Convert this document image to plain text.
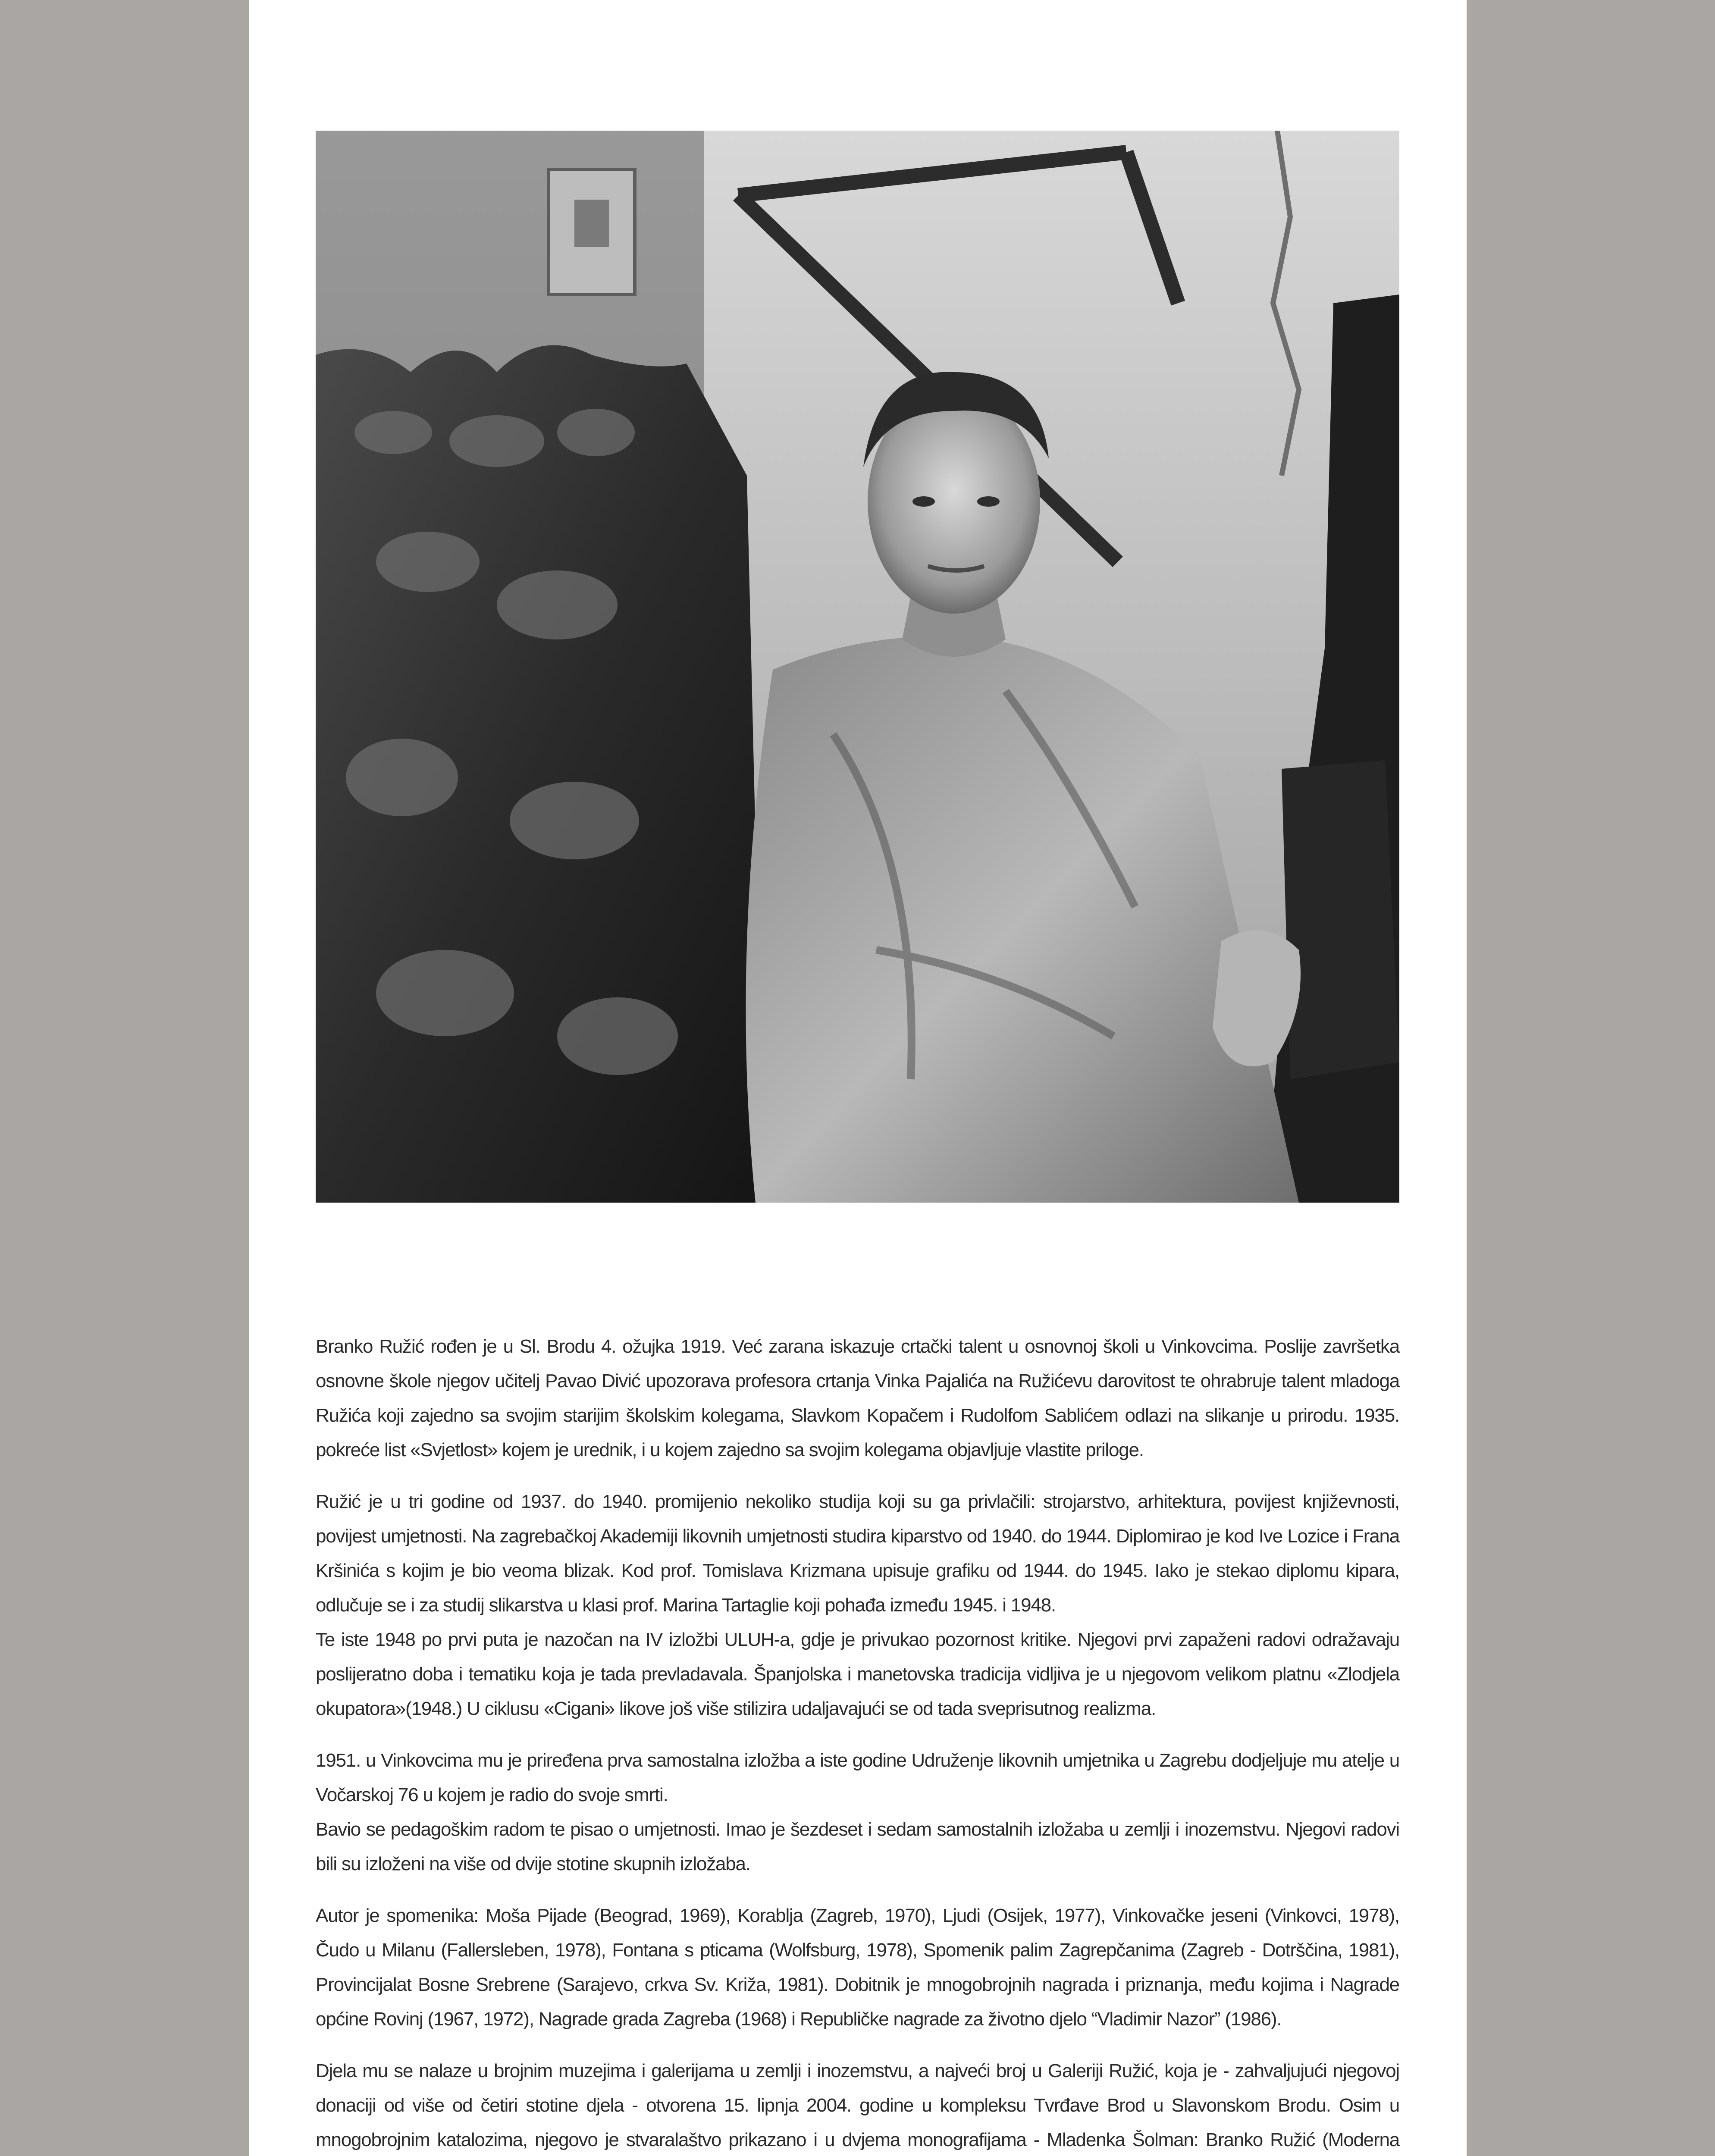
Branko Ružić rođen je u Sl. Brodu 4. ožujka 1919. Već zarana iskazuje crtački talent u osnovnoj školi u Vinkovcima. Poslije završetka osnovne škole njegov učitelj Pavao Divić upozorava profesora crtanja Vinka Pajalića na Ružićevu darovitost te ohrabruje talent mladoga Ružića koji zajedno sa svojim starijim školskim kolegama, Slavkom Kopačem i Rudolfom Sablićem odlazi na slikanje u prirodu. 1935. pokreće list «Svjetlost» kojem je urednik, i u kojem zajedno sa svojim kolegama objavljuje vlastite priloge.

Ružić je u tri godine od 1937. do 1940. promijenio nekoliko studija koji su ga privlačili: strojarstvo, arhitektura, povijest književnosti, povijest umjetnosti. Na zagrebačkoj Akademiji likovnih umjetnosti studira kiparstvo od 1940. do 1944. Diplomirao je kod Ive Lozice i Frana Kršinića s kojim je bio veoma blizak. Kod prof. Tomislava Krizmana upisuje grafiku od 1944. do 1945. Iako je stekao diplomu kipara, odlučuje se i za studij slikarstva u klasi prof. Marina Tartaglie koji pohađa između 1945. i 1948.

Te iste 1948 po prvi puta je nazočan na IV izložbi ULUH-a, gdje je privukao pozornost kritike. Njegovi prvi zapaženi radovi odražavaju poslijeratno doba i tematiku koja je tada prevladavala. Španjolska i manetovska tradicija vidljiva je u njegovom velikom platnu «Zlodjela okupatora»(1948.) U ciklusu «Cigani» likove još više stilizira udaljavajući se od tada sveprisutnog realizma.

1951. u Vinkovcima mu je priređena prva samostalna izložba a iste godine Udruženje likovnih umjetnika u Zagrebu dodjeljuje mu atelje u Vočarskoj 76 u kojem je radio do svoje smrti.

Bavio se pedagoškim radom te pisao o umjetnosti. Imao je šezdeset i sedam samostalnih izložaba u zemlji i inozemstvu. Njegovi radovi bili su izloženi na više od dvije stotine skupnih izložaba.

Autor je spomenika: Moša Pijade (Beograd, 1969), Korablja (Zagreb, 1970), Ljudi (Osijek, 1977), Vinkovačke jeseni (Vinkovci, 1978), Čudo u Milanu (Fallersleben, 1978), Fontana s pticama (Wolfsburg, 1978), Spomenik palim Zagrepčanima (Zagreb - Dotrščina, 1981), Provincijalat Bosne Srebrene (Sarajevo, crkva Sv. Križa, 1981). Dobitnik je mnogobrojnih nagrada i priznanja, među kojima i Nagrade općine Rovinj (1967, 1972), Nagrade grada Zagreba (1968) i Republičke nagrade za životno djelo “Vladimir Nazor” (1986).

Djela mu se nalaze u brojnim muzejima i galerijama u zemlji i inozemstvu, a najveći broj u Galeriji Ružić, koja je - zahvaljujući njegovoj donaciji od više od četiri stotine djela - otvorena 15. lipnja 2004. godine u kompleksu Tvrđave Brod u Slavonskom Brodu. Osim u mnogobrojnim katalozima, njegovo je stvaralaštvo prikazano i u dvjema monografijama - Mladenka Šolman: Branko Ružić (Moderna
